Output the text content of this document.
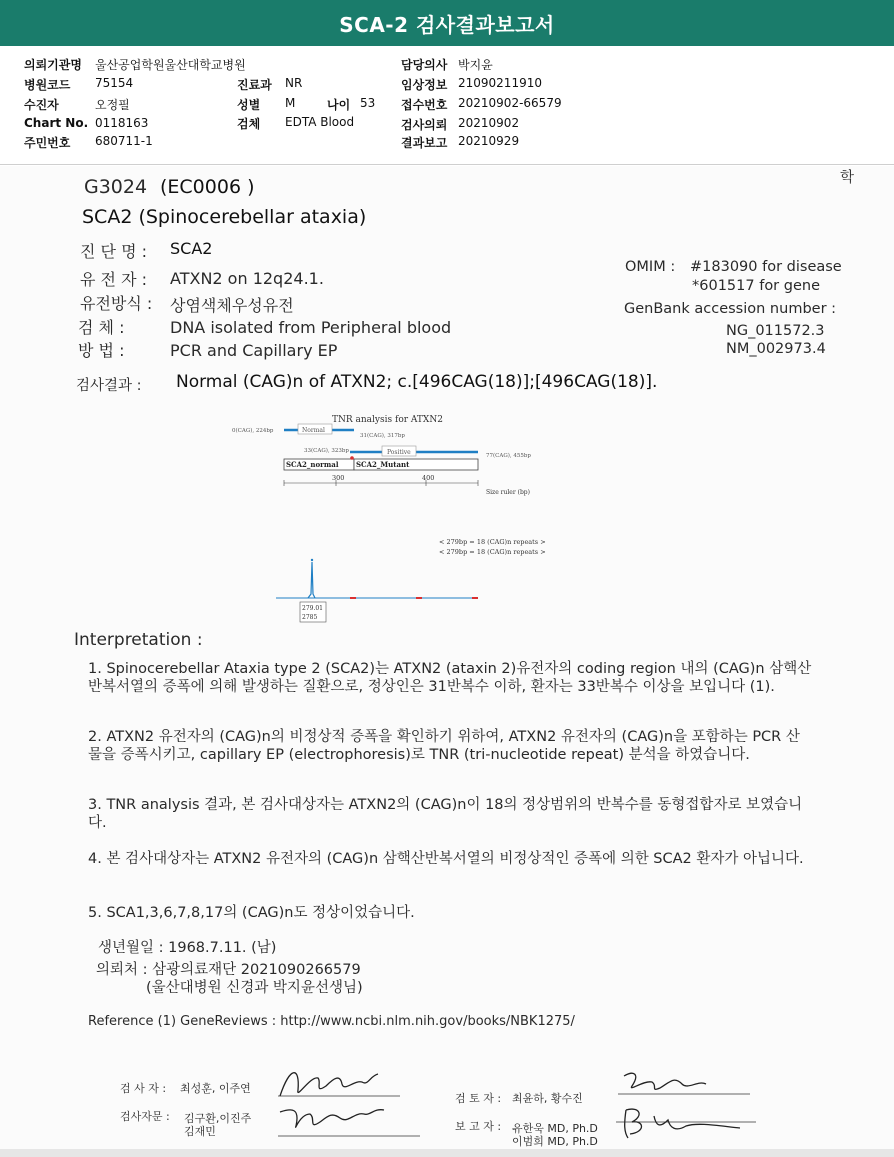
SCA-2 검사결과보고서
의뢰기관명 울산공업학원울산대학교병원
병원코드 75154
수진자	오정필
Chart No. 0118163
주민번호 680711-1
진료과 NR
성별 M	나이 53
검체 EDTA Blood
담당의사 박지윤
임상정보 21090211910
접수번호 20210902-66579
검사의뢰 20210902
결과보고 20210929
학
G3024 (EC0006 )
SCA2 (Spinocerebellar ataxia)
진 단 명 : SCA2
유 전 자 : ATXN2 on 12q24.1.
유전방식 : 상염색체우성유전
검 체 :	DNA isolated from Peripheral blood
방 법 :	PCR and Capillary EP
OMIM : #183090 for disease
*601517 for gene
GenBank accession number :
NG_011572.3
NM_002973.4
검사결과 : Normal (CAG)n of ATXN2; c.[496CAG(18)];[496CAG(18)].
TNR analysis for ATXN2
0(CAG), 224bp	Normal
31(CAG), 317bp
33(CAG), 323bp	Positive	77(CAG), 455bp
SCA2_normal	SCA2_Mutant
300	400
Size ruler (bp)
< 279bp = 18 (CAG)n repeats >
< 279bp = 18 (CAG)n repeats >
279.01
2785
Interpretation :
1. Spinocerebellar Ataxia type 2 (SCA2)는 ATXN2 (ataxin 2)유전자의 coding region 내의 (CAG)n 삼핵산 반복서열의 증폭에 의해 발생하는 질환으로, 정상인은 31반복수 이하, 환자는 33반복수 이상을 보입니다 (1).
2. ATXN2 유전자의 (CAG)n의 비정상적 증폭을 확인하기 위하여, ATXN2 유전자의 (CAG)n을 포함하는 PCR 산물을 증폭시키고, capillary EP (electrophoresis)로 TNR (tri-nucleotide repeat) 분석을 하였습니다.
3. TNR analysis 결과, 본 검사대상자는 ATXN2의 (CAG)n이 18의 정상범위의 반복수를 동형접합자로 보였습니다.
4. 본 검사대상자는 ATXN2 유전자의 (CAG)n 삼핵산반복서열의 비정상적인 증폭에 의한 SCA2 환자가 아닙니다.
5. SCA1,3,6,7,8,17의 (CAG)n도 정상이었습니다.
생년월일 : 1968.7.11. (남)
의뢰처 : 삼광의료재단 2021090266579
(울산대병원 신경과 박지윤선생님)
Reference (1) GeneReviews : http://www.ncbi.nlm.nih.gov/books/NBK1275/
검 사 자 : 최성훈, 이주연
검사자문 : 김구환,이진주
김재민
검 토 자 : 최윤하, 황수진
보 고 자 : 유한욱 MD, Ph.D
이범희 MD, Ph.D
